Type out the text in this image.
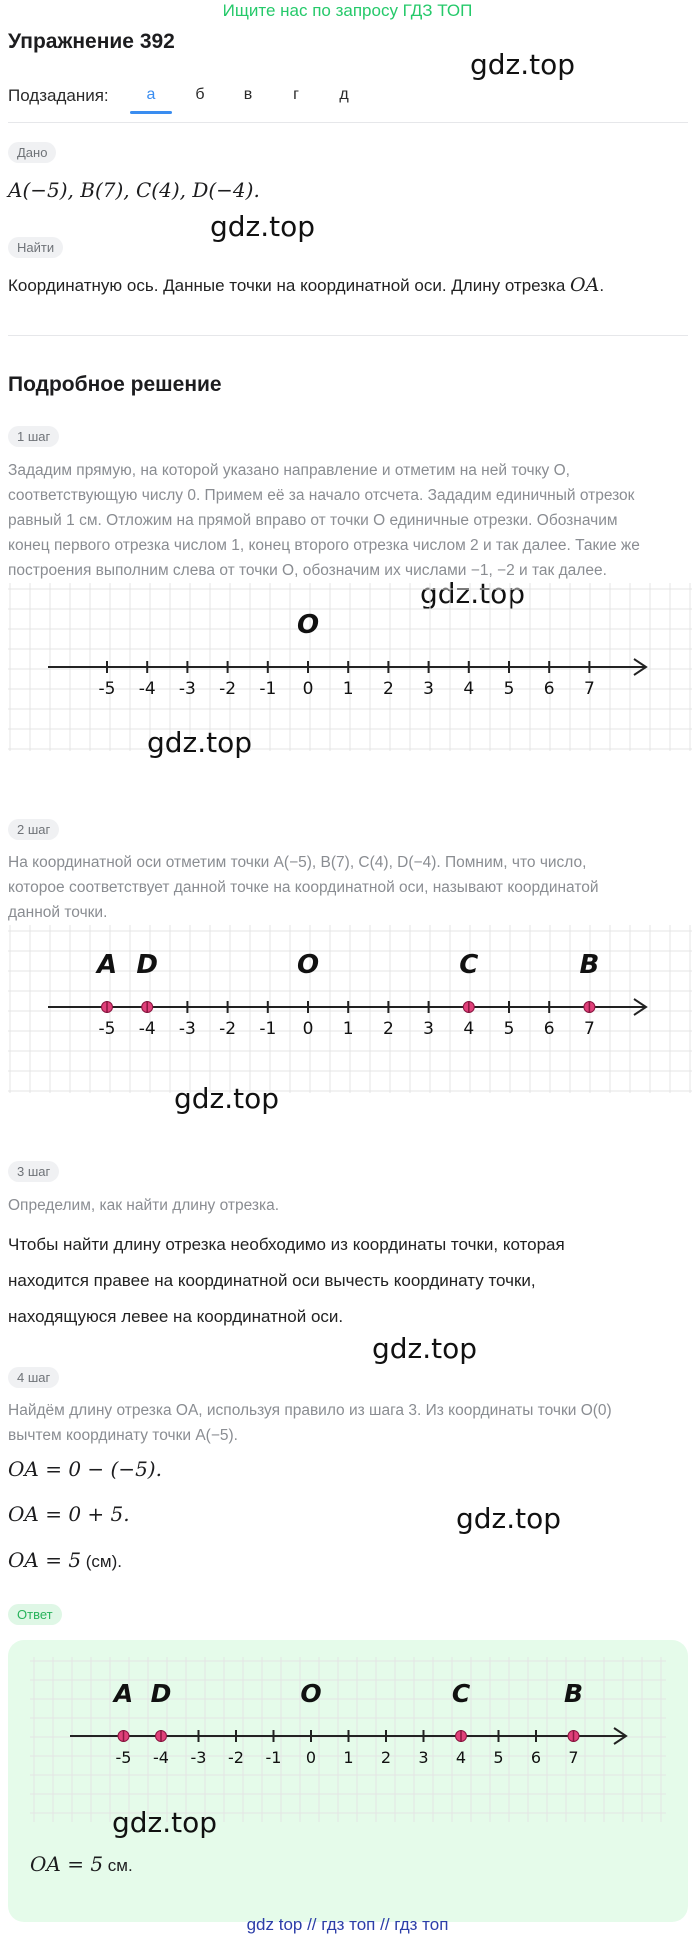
Ищите нас по запросу ГДЗ ТОП
Упражнение 392
gdz.top
Подзадания:	а	б	в	г	д
Дано
A(−5), B(7), C(4), D(−4).
gdz.top
Найти
Координатную ось. Данные точки на координатной оси. Длину отрезка OA.
Подробное решение
1 шаг
Зададим прямую, на которой указано направление и отметим на ней точку O,
соответствующую числу 0. Примем её за начало отсчета. Зададим единичный отрезок
равный 1 см. Отложим на прямой вправо от точки O единичные отрезки. Обозначим
конец первого отрезка числом 1, конец второго отрезка числом 2 и так далее. Такие же
построения выполним слева от точки O, обозначим их числами −1, −2 и так далее.
gdz.top
-5 -4 -3 -2 -1 0 1 2 3 4 5 6 7
O
gdz.top
2 шаг
На координатной оси отметим точки A(−5), B(7), C(4), D(−4). Помним, что число,
которое соответствует данной точке на координатной оси, называют координатой
данной точки.
-5 -4 -3 -2 -1 0 1 2 3 4 5 6 7
O
A D	C	B
gdz.top
3 шаг
Определим, как найти длину отрезка.
Чтобы найти длину отрезка необходимо из координаты точки, которая
находится правее на координатной оси вычесть координату точки,
находящуюся левее на координатной оси.
gdz.top
4 шаг
Найдём длину отрезка OA, используя правило из шага 3. Из координаты точки O(0)
вычтем координату точки A(−5).
OA = 0 − (−5).
OA = 0 + 5.
OA = 5 (см).
gdz.top
Ответ
-5 -4 -3 -2 -1 0 1 2 3 4 5 6 7
O
A D	C	B
gdz.top
OA = 5 см.
gdz top // гдз топ // гдз топ
